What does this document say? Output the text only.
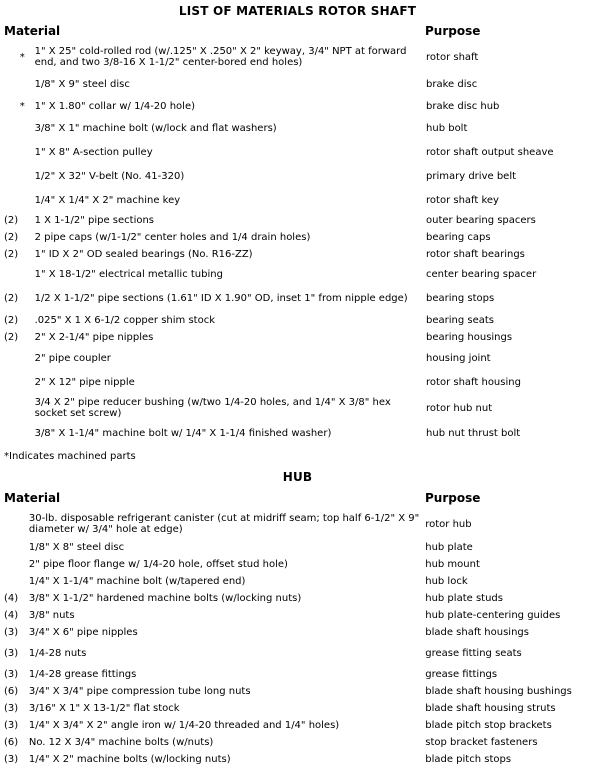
LIST OF MATERIALS ROTOR SHAFT
Material	Purpose
*	1" X 25" cold-rolled rod (w/.125" X .250" X 2" keyway, 3/4" NPT at forward end, and two 3/8-16 X 1-1/2" center-bored end holes)	rotor shaft
	1/8" X 9" steel disc	brake disc
*	1" X 1.80" collar w/ 1/4-20 hole)	brake disc hub
	3/8" X 1" machine bolt (w/lock and flat washers)	hub bolt
	1" X 8" A-section pulley	rotor shaft output sheave
	1/2" X 32" V-belt (No. 41-320)	primary drive belt
	1/4" X 1/4" X 2" machine key	rotor shaft key
(2)	1 X 1-1/2" pipe sections	outer bearing spacers
(2)	2 pipe caps (w/1-1/2" center holes and 1/4 drain holes)	bearing caps
(2)	1" ID X 2" OD sealed bearings (No. R16-ZZ)	rotor shaft bearings
	1" X 18-1/2" electrical metallic tubing	center bearing spacer
(2)	1/2 X 1-1/2" pipe sections (1.61" ID X 1.90" OD, inset 1" from nipple edge)	bearing stops
(2)	.025" X 1 X 6-1/2 copper shim stock	bearing seats
(2)	2" X 2-1/4" pipe nipples	bearing housings
	2" pipe coupler	housing joint
	2" X 12" pipe nipple	rotor shaft housing
	3/4 X 2" pipe reducer bushing (w/two 1/4-20 holes, and 1/4" X 3/8" hex socket set screw)	rotor hub nut
	3/8" X 1-1/4" machine bolt w/ 1/4" X 1-1/4 finished washer)	hub nut thrust bolt
*Indicates machined parts
HUB
Material	Purpose
	30-lb. disposable refrigerant canister (cut at midriff seam; top half 6-1/2" X 9" diameter w/ 3/4" hole at edge)	rotor hub
	1/8" X 8" steel disc	hub plate
	2" pipe floor flange w/ 1/4-20 hole, offset stud hole)	hub mount
	1/4" X 1-1/4" machine bolt (w/tapered end)	hub lock
(4)	3/8" X 1-1/2" hardened machine bolts (w/locking nuts)	hub plate studs
(4)	3/8" nuts	hub plate-centering guides
(3)	3/4" X 6" pipe nipples	blade shaft housings
(3)	1/4-28 nuts	grease fitting seats
(3)	1/4-28 grease fittings	grease fittings
(6)	3/4" X 3/4" pipe compression tube long nuts	blade shaft housing bushings
(3)	3/16" X 1" X 13-1/2" flat stock	blade shaft housing struts
(3)	1/4" X 3/4" X 2" angle iron w/ 1/4-20 threaded and 1/4" holes)	blade pitch stop brackets
(6)	No. 12 X 3/4" machine bolts (w/nuts)	stop bracket fasteners
(3)	1/4" X 2" machine bolts (w/locking nuts)	blade pitch stops
